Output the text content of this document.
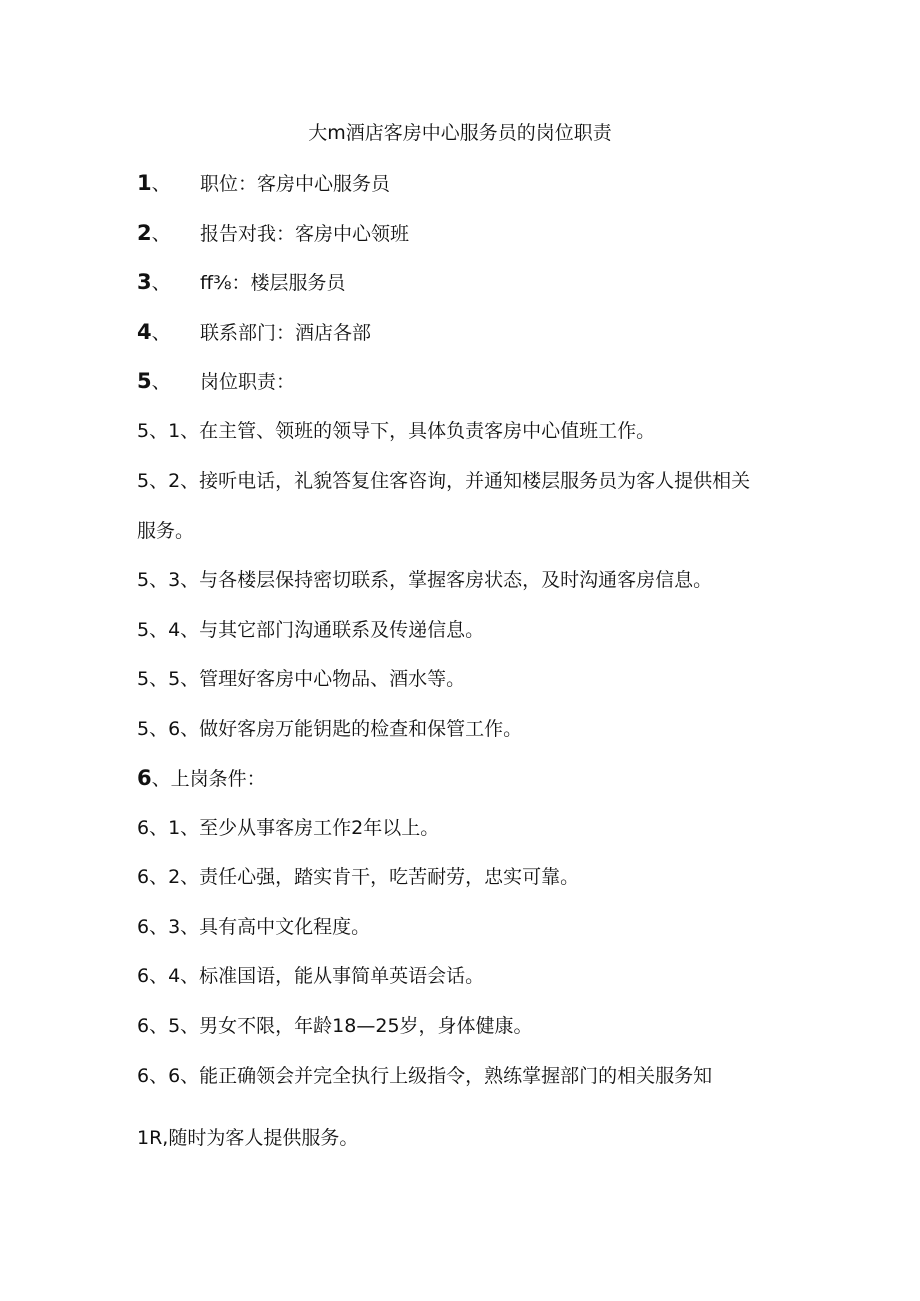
大m酒店客房中心服务员的岗位职责
1、 职位：客房中心服务员
2、 报告对我：客房中心领班
3、 ff⅜：楼层服务员
4、 联系部门：酒店各部
5、 岗位职责：
5、1、在主管、领班的领导下，具体负责客房中心值班工作。
5、2、接听电话，礼貌答复住客咨询，并通知楼层服务员为客人提供相关
服务。
5、3、与各楼层保持密切联系，掌握客房状态，及时沟通客房信息。
5、4、与其它部门沟通联系及传递信息。
5、5、管理好客房中心物品、酒水等。
5、6、做好客房万能钥匙的检查和保管工作。
6、上岗条件：
6、1、至少从事客房工作2年以上。
6、2、责任心强，踏实肯干，吃苦耐劳，忠实可靠。
6、3、具有高中文化程度。
6、4、标准国语，能从事简单英语会话。
6、5、男女不限，年龄18—25岁，身体健康。
6、6、能正确领会并完全执行上级指令，熟练掌握部门的相关服务知
1R,随时为客人提供服务。
